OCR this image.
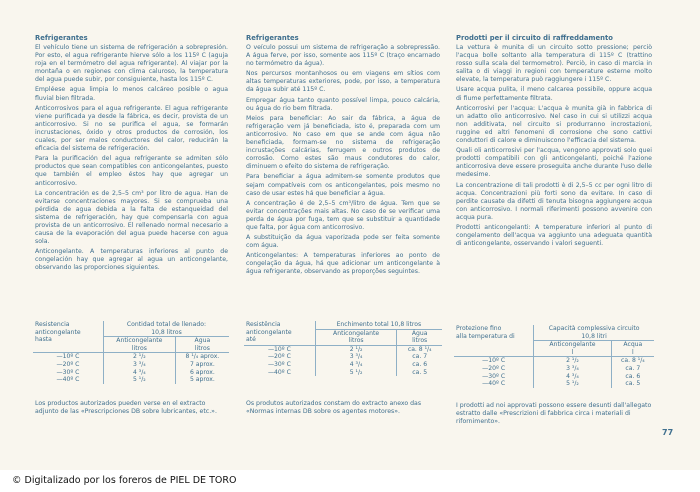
Refrigerantes

El vehículo tiene un sistema de refrigeración a sobrepresión. Por esto, el agua refrigerante hierve sólo a los 115º C (aguja roja en el termómetro del agua refrigerante). Al viajar por la montaña o en regiones con clima caluroso, la temperatura del agua puede subir, por consiguiente, hasta los 115º C.

Empléese agua limpia lo menos calcáreo posible o agua fluvial bien filtrada.

Anticorrosivos para el agua refrigerante. El agua refrigerante viene purificada ya desde la fábrica, es decir, provista de un anticorrosivo. Si no se purifica el agua, se formarán incrustaciones, óxido y otros productos de corrosión, los cuales, por ser malos conductores del calor, reducirán la eficacia del sistema de refrigeración.

Para la purificación del agua refrigerante se admiten sólo productos que sean compatibles con anticongelantes, puesto que también el empleo éstos hay que agregar un anticorrosivo.

La concentración es de 2,5–5 cm³ por litro de agua. Han de evitarse concentraciones mayores. Si se comprueba una pérdida de agua debida a la falta de estanqueidad del sistema de refrigeración, hay que compensarla con agua provista de un anticorrosivo. El rellenado normal necesario a causa de la evaporación del agua puede hacerse con agua sola.

Anticongelante. A temperaturas inferiores al punto de congelación hay que agregar al agua un anticongelante, observando las proporciones siguientes.

Resistencia
anticongelante
hasta	Contidad total de llenado:
10,8 litros	
	Anticongelante
litros	Agua
litros
—10º C	2 ¹/₂	8 ¹/₄ aprox.
—20º C	3 ³/₄	7 aprox.
—30º C	4 ³/₄	6 aprox.
—40º C	5 ¹/₂	5 aprox.
Los productos autorizados pueden verse en el extracto adjunto de las «Prescripciones DB sobre lubricantes, etc.».
Refrigerantes

O veículo possui um sistema de refrigeração a sobrepressão. A água ferve, por isso, somente aos 115º C (traço encarnado no termómetro da água).

Nos percursos montanhosos ou em viagens em sítios com altas temperaturas exteriores, pode, por isso, a temperatura da água subir até 115º C.

Empregar água tanto quanto possível limpa, pouco calcária, ou água do rio bem filtrada.

Meios para beneficiar: Ao sair da fábrica, a água de refrigeração vem já beneficiada, isto é, preparada com um anticorrosivo. No caso em que se ande com água não beneficiada, formam-se no sistema de refrigeração incrustações calcárias, ferrugem e outros produtos de corrosão. Como estes são maus condutores do calor, diminuem o efeito do sistema de refrigeração.

Para beneficiar a água admitem-se somente produtos que sejam compatíveis com os anticongelantes, pois mesmo no caso de usar estes há que beneficiar a água.

A concentração é de 2,5–5 cm³/litro de água. Tem que se evitar concentrações mais altas. No caso de se verificar uma perda de água por fuga, tem que se substituir a quantidade que falta, por água com anticorrosivo.

A substituição da água vaporizada pode ser feita somente com água.

Anticongelantes: A temperaturas inferiores ao ponto de congelação da água, há que adicionar um anticongelante à água refrigerante, observando as proporções seguintes.

Resistência
anticongelante
até	Enchimento total 10,8 litros	
	Anticongelante
litros	Água
litros
—10º C	2 ¹/₂	ca. 8 ¹/₄
—20º C	3 ³/₄	ca. 7
—30º C	4 ³/₄	ca. 6
—40º C	5 ¹/₂	ca. 5
Os produtos autorizados constam do extracto anexo das «Normas internas DB sobre os agentes motores».
Prodotti per il circuito di raffreddamento

La vettura è munita di un circuito sotto pressione; perciò l'acqua bolle soltanto alla temperatura di 115º C (trattino rosso sulla scala del termometro). Perciò, in caso di marcia in salita o di viaggi in regioni con temperature esterne molto elevate, la temperatura può raggiungere i 115º C.

Usare acqua pulita, il meno calcarea possibile, oppure acqua di fiume perfettamente filtrata.

Anticorrosivi per l'acqua: L'acqua è munita già in fabbrica di un adatto olio anticorrosivo. Nel caso in cui si utilizzi acqua non additivata, nel circuito si produrranno incrostazioni, ruggine ed altri fenomeni di corrosione che sono cattivi conduttori di calore e diminuiscono l'efficacia del sistema.

Quali oli anticorrosivi per l'acqua, vengono approvati solo quei prodotti compatibili con gli anticongelanti, poiché l'azione anticorrosiva deve essere proseguita anche durante l'uso delle medesime.

La concentrazione di tali prodotti è di 2,5–5 cc per ogni litro di acqua. Concentrazioni più forti sono da evitare. In caso di perdite causate da difetti di tenuta bisogna aggiungere acqua con anticorrosivo. I normali riferimenti possono avvenire con acqua pura.

Prodotti anticongelanti: A temperature inferiori al punto di congelamento dell'acqua va aggiunto una adeguata quantità di anticongelante, osservando i valori seguenti.

Protezione fino
alla temperatura di	Capacità complessiva circuito
10,8 litri	
	Anticongelante
l	Acqua
l
—10º C	2 ¹/₂	ca. 8 ¹/₄
—20º C	3 ³/₄	ca. 7
—30º C	4 ³/₄	ca. 6
—40º C	5 ¹/₂	ca. 5
I prodotti ad noi approvati possono essere desunti dall'allegato estratto dalle «Prescrizioni di fabbrica circa i materiali di rifornimento».
77
© Digitalizado por los foreros de PIEL DE TORO
